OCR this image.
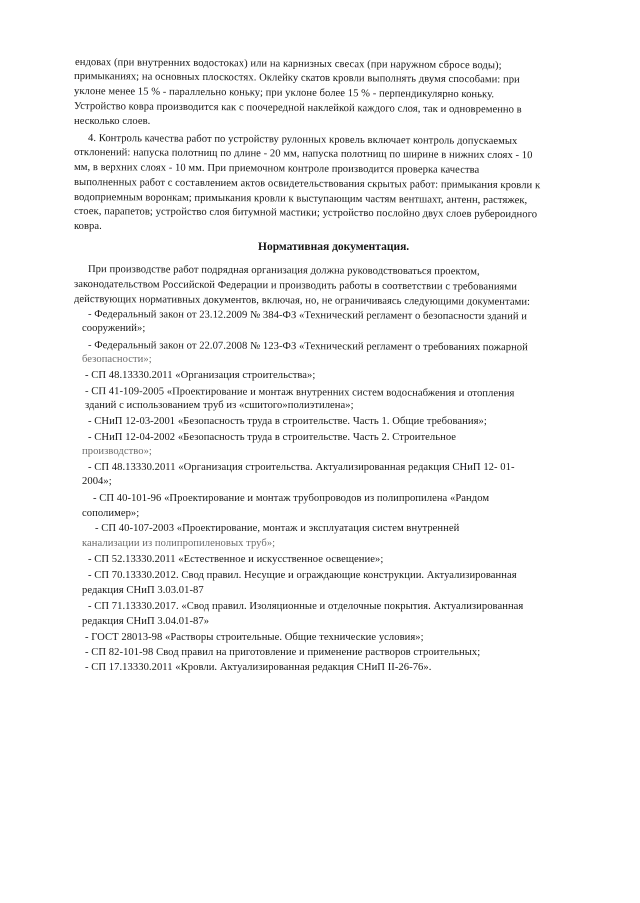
ендовах (при внутренних водостоках) или на карнизных свесах (при наружном сбросе воды);
примыканиях; на основных плоскостях. Оклейку скатов кровли выполнять двумя способами: при
уклоне менее 15 % - параллельно коньку; при уклоне более 15 % - перпендикулярно коньку.
Устройство ковра производится как с поочередной наклейкой каждого слоя, так и одновременно в
несколько слоев.
4. Контроль качества работ по устройству рулонных кровель включает контроль допускаемых
отклонений: напуска полотнищ по длине - 20 мм, напуска полотнищ по ширине в нижних слоях - 10
мм, в верхних слоях - 10 мм. При приемочном контроле производится проверка качества
выполненных работ с составлением актов освидетельствования скрытых работ: примыкания кровли к
водоприемным воронкам; примыкания кровли к выступающим частям вентшахт, антенн, растяжек,
стоек, парапетов; устройство слоя битумной мастики; устройство послойно двух слоев рубероидного
ковра.
Нормативная документация.
При производстве работ подрядная организация должна руководствоваться проектом,
законодательством Российской Федерации и производить работы в соответствии с требованиями
действующих нормативных документов, включая, но, не ограничиваясь следующими документами:
- Федеральный закон от 23.12.2009 № 384-ФЗ «Технический регламент о безопасности зданий и
сооружений»;
- Федеральный закон от 22.07.2008 № 123-ФЗ «Технический регламент о требованиях пожарной
безопасности»;
- СП 48.13330.2011 «Организация строительства»;
- СП 41-109-2005 «Проектирование и монтаж внутренних систем водоснабжения и отопления
зданий с использованием труб из «сшитого»полиэтилена»;
- СНиП 12-03-2001 «Безопасность труда в строительстве. Часть 1. Общие требования»;
- СНиП 12-04-2002 «Безопасность труда в строительстве. Часть 2. Строительное
производство»;
- СП 48.13330.2011 «Организация строительства. Актуализированная редакция СНиП 12- 01-
2004»;
- СП 40-101-96 «Проектирование и монтаж трубопроводов из полипропилена «Рандом
сополимер»;
- СП 40-107-2003 «Проектирование, монтаж и эксплуатация систем внутренней
канализации из полипропиленовых труб»;
- СП 52.13330.2011 «Естественное и искусственное освещение»;
- СП 70.13330.2012. Свод правил. Несущие и ограждающие конструкции. Актуализированная
редакция СНиП 3.03.01-87
- СП 71.13330.2017. «Свод правил. Изоляционные и отделочные покрытия. Актуализированная
редакция СНиП 3.04.01-87»
- ГОСТ 28013-98 «Растворы строительные. Общие технические условия»;
- СП 82-101-98 Свод правил на приготовление и применение растворов строительных;
- СП 17.13330.2011 «Кровли. Актуализированная редакция СНиП II-26-76».
